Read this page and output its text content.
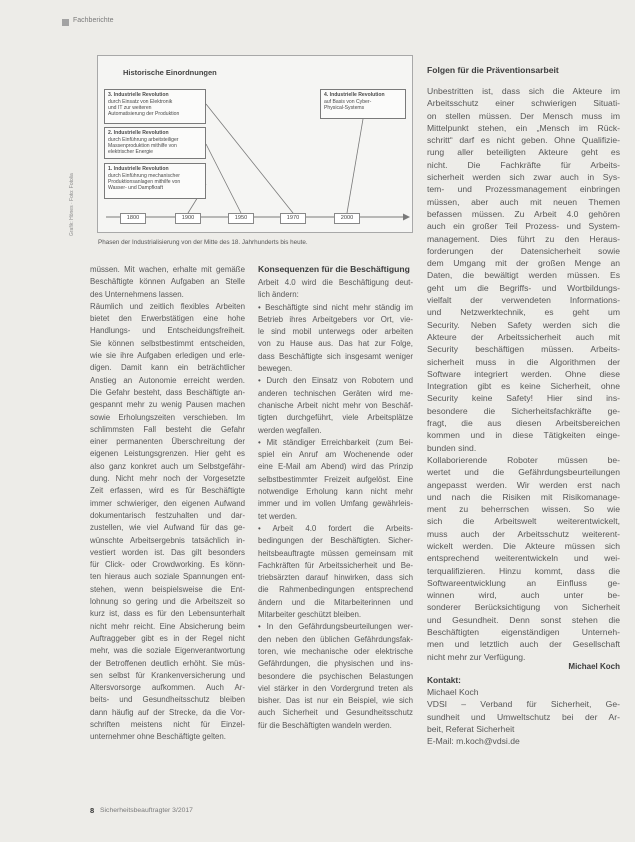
Fachberichte
Historische Einordnungen
3. Industrielle Revolution
durch Einsatz von Elektronik
und IT zur weiteren
Automatisierung der Produktion
4. Industrielle Revolution
auf Basis von Cyber-
Physical-Systems
2. Industrielle Revolution
durch Einführung arbeitsteiliger
Massenproduktion mithilfe von
elektrischer Energie
1. Industrielle Revolution
durch Einführung mechanischer
Produktionsanlagen mithilfe von
Wasser- und Dampfkraft
1800	1900	1950	1970	2000
Grafik: Hönes · Foto: Fotolia
Phasen der Industrialisierung von der Mitte des 18. Jahrhunderts bis heute.
müssen. Mit wachen, erhalte mit gemäße
Beschäftigte können Aufgaben an Stelle
des Unternehmens lassen.
Räumlich und zeitlich flexibles Arbeiten
bietet den Erwerbstätigen eine hohe
Handlungs- und Entscheidungsfreiheit.
Sie können selbstbestimmt entscheiden,
wie sie ihre Aufgaben erledigen und erle-
digen. Damit kann ein beträchtlicher
Anstieg an Autonomie erreicht werden.
Die Gefahr besteht, dass Beschäftigte an-
gespannt mehr zu wenig Pausen machen
sowie Erholungszeiten verschieben. Im
schlimmsten Fall besteht die Gefahr
einer permanenten Überschreitung der
eigenen Leistungsgrenzen. Hier geht es
also ganz konkret auch um Selbstgefähr-
dung. Nicht mehr noch der Vorgesetzte
Zeit erfassen, wird es für Beschäftigte
immer schwieriger, den eigenen Aufwand
dokumentarisch festzuhalten und dar-
zustellen, wie viel Aufwand für das ge-
wünschte Arbeitsergebnis tatsächlich in-
vestiert worden ist. Das gilt besonders
für Click- oder Crowdworking. Es könn-
ten hieraus auch soziale Spannungen ent-
stehen, wenn beispielsweise die Ent-
lohnung so gering und die Arbeitszeit so
kurz ist, dass es für den Lebensunterhalt
nicht mehr reicht. Eine Absicherung beim
Auftraggeber gibt es in der Regel nicht
mehr, was die soziale Eigenverantwortung
der Betroffenen deutlich erhöht. Sie müs-
sen selbst für Krankenversicherung und
Altersvorsorge aufkommen. Auch Ar-
beits- und Gesundheitsschutz bleiben
dann häufig auf der Strecke, da die Vor-
schriften meistens nicht für Einzel-
unternehmer ohne Beschäftigte gelten.
Konsequenzen für die Beschäftigung
Arbeit 4.0 wird die Beschäftigung deut-
lich ändern:
• Beschäftigte sind nicht mehr ständig im
Betrieb ihres Arbeitgebers vor Ort, vie-
le sind mobil unterwegs oder arbeiten
von zu Hause aus. Das hat zur Folge,
dass Beschäftigte sich insgesamt weniger
bewegen.
• Durch den Einsatz von Robotern und
anderen technischen Geräten wird me-
chanische Arbeit nicht mehr von Beschäf-
tigten durchgeführt, viele Arbeitsplätze
werden wegfallen.
• Mit ständiger Erreichbarkeit (zum Bei-
spiel ein Anruf am Wochenende oder
eine E-Mail am Abend) wird das Prinzip
selbstbestimmter Freizeit aufgelöst. Eine
notwendige Erholung kann nicht mehr
immer und im vollen Umfang gewährleis-
tet werden.
• Arbeit 4.0 fordert die Arbeits-
bedingungen der Beschäftigten. Sicher-
heitsbeauftragte müssen gemeinsam mit
Fachkräften für Arbeitssicherheit und Be-
triebsärzten darauf hinwirken, dass sich
die Rahmenbedingungen entsprechend
ändern und die Mitarbeiterinnen und
Mitarbeiter geschützt bleiben.
• In den Gefährdungsbeurteilungen wer-
den neben den üblichen Gefährdungsfak-
toren, wie mechanische oder elektrische
Gefährdungen, die physischen und ins-
besondere die psychischen Belastungen
viel stärker in den Vordergrund treten als
bisher. Das ist nur ein Beispiel, wie sich
auch Sicherheit und Gesundheitsschutz
für die Beschäftigten wandeln werden.
Folgen für die Präventionsarbeit
Unbestritten ist, dass sich die Akteure im
Arbeitsschutz einer schwierigen Situati-
on stellen müssen. Der Mensch muss im
Mittelpunkt stehen, ein „Mensch im Rück-
schritt“ darf es nicht geben. Ohne Qualifizie-
rung aller beteiligten Akteure geht es
nicht. Die Fachkräfte für Arbeits-
sicherheit werden sich zwar auch in Sys-
tem- und Prozessmanagement einbringen
müssen, aber auch mit neuen Themen
befassen müssen. Zu Arbeit 4.0 gehören
auch ein großer Teil Prozess- und System-
management. Dies führt zu den Heraus-
forderungen der Datensicherheit sowie
dem Umgang mit der großen Menge an
Daten, die bewältigt werden müssen. Es
geht um die Begriffs- und Wortbildungs-
vielfalt der verwendeten Informations-
und Netzwerktechnik, es geht um
Security. Neben Safety werden sich die
Akteure der Arbeitssicherheit auch mit
Security beschäftigen müssen. Arbeits-
sicherheit muss in die Algorithmen der
Software integriert werden. Ohne diese
Integration gibt es keine Sicherheit, ohne
Security keine Safety! Hier sind ins-
besondere die Sicherheitsfachkräfte ge-
fragt, die aus diesen Arbeitsbereichen
kommen und in diese Tätigkeiten einge-
bunden sind.
Kollaborierende Roboter müssen be-
wertet und die Gefährdungsbeurteilungen
angepasst werden. Wir werden erst nach
und nach die Risiken mit Risikomanage-
ment zu beherrschen wissen. So wie
sich die Arbeitswelt weiterentwickelt,
muss auch der Arbeitsschutz weiterent-
wickelt werden. Die Akteure müssen sich
entsprechend weiterentwickeln und wei-
terqualifizieren. Hinzu kommt, dass die
Softwareentwicklung an Einfluss ge-
winnen wird, auch unter be-
sonderer Berücksichtigung von Sicherheit
und Gesundheit. Denn sonst stehen die
Beschäftigten eigenständigen Unterneh-
men und letztlich auch der Gesellschaft
nicht mehr zur Verfügung.
Michael Koch
Kontakt:
Michael Koch
VDSI – Verband für Sicherheit, Ge-
sundheit und Umweltschutz bei der Ar-
beit, Referat Sicherheit
E-Mail: m.koch@vdsi.de
8 Sicherheitsbeauftragter 3/2017
